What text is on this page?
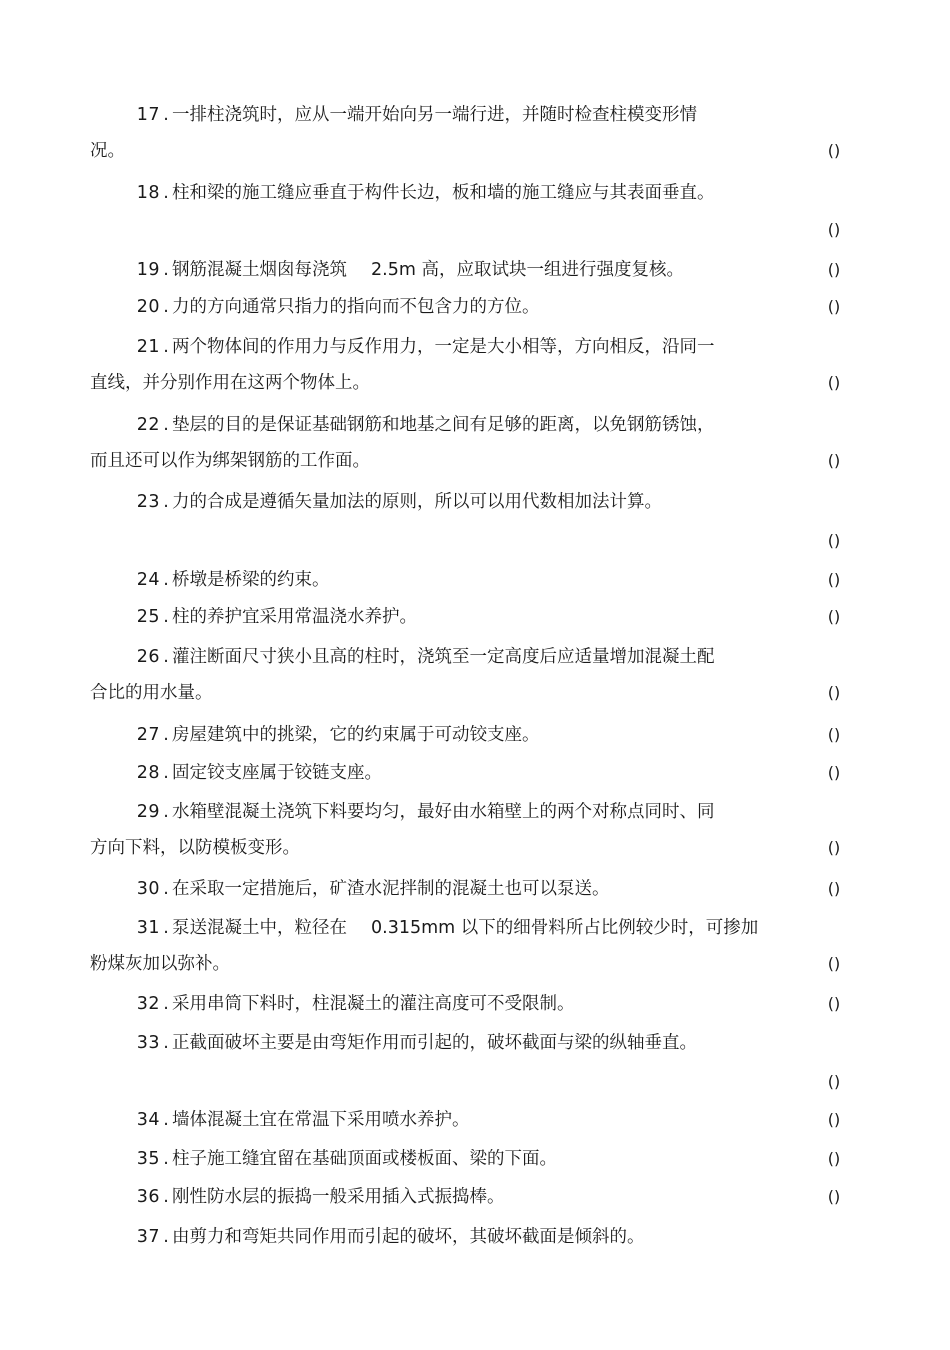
17 . 一排柱浇筑时，应从一端开始向另一端行进，并随时检查柱模变形情
况。	()
18 . 柱和梁的施工缝应垂直于构件长边，板和墙的施工缝应与其表面垂直。
()
19 . 钢筋混凝土烟囱每浇筑 2.5m 高，应取试块一组进行强度复核。	()
20 . 力的方向通常只指力的指向而不包含力的方位。	()
21 . 两个物体间的作用力与反作用力，一定是大小相等，方向相反，沿同一
直线，并分别作用在这两个物体上。	()
22 . 垫层的目的是保证基础钢筋和地基之间有足够的距离，以免钢筋锈蚀，
而且还可以作为绑架钢筋的工作面。	()
23 . 力的合成是遵循矢量加法的原则，所以可以用代数相加法计算。
()
24 . 桥墩是桥梁的约束。	()
25 . 柱的养护宜采用常温浇水养护。	()
26 . 灌注断面尺寸狭小且高的柱时，浇筑至一定高度后应适量增加混凝土配
合比的用水量。	()
27 . 房屋建筑中的挑梁，它的约束属于可动铰支座。	()
28 . 固定铰支座属于铰链支座。	()
29 . 水箱壁混凝土浇筑下料要均匀，最好由水箱壁上的两个对称点同时、同
方向下料，以防模板变形。	()
30 . 在采取一定措施后，矿渣水泥拌制的混凝土也可以泵送。	()
31 . 泵送混凝土中，粒径在 0.315mm 以下的细骨料所占比例较少时，可掺加
粉煤灰加以弥补。	()
32 . 采用串筒下料时，柱混凝土的灌注高度可不受限制。	()
33 . 正截面破坏主要是由弯矩作用而引起的，破坏截面与梁的纵轴垂直。
()
34 . 墙体混凝土宜在常温下采用喷水养护。	()
35 . 柱子施工缝宜留在基础顶面或楼板面、梁的下面。	()
36 . 刚性防水层的振捣一般采用插入式振捣棒。	()
37 . 由剪力和弯矩共同作用而引起的破坏，其破坏截面是倾斜的。
